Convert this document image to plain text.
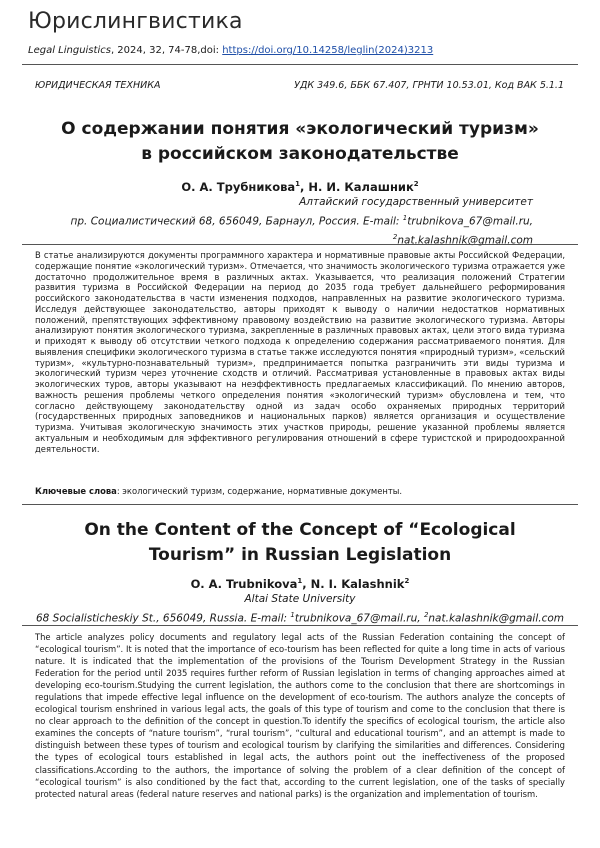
Юрислингвистика
Legal Linguistics, 2024, 32, 74-78,doi: https://doi.org/10.14258/leglin(2024)3213
ЮРИДИЧЕСКАЯ ТЕХНИКА	УДК 349.6, ББК 67.407, ГРНТИ 10.53.01, Код ВАК 5.1.1
О содержании понятия «экологический туризм» в российском законодательстве
О. А. Трубникова$^1$, Н. И. Калашник$^2$
Алтайский государственный университет
пр. Социалистический 68, 656049, Барнаул, Россия. E-mail: $^1$trubnikova_67@mail.ru,
$^2$nat.kalashnik@gmail.com

В статье анализируются документы программного характера и нормативные правовые акты Российской Федерации, содержащие понятие «экологический туризм». Отмечается, что значимость экологического туризма отражается уже достаточно продолжительное время в различных актах. Указывается, что реализация положений Стратегии развития туризма в Российской Федерации на период до 2035 года требует дальнейшего реформирования российского законодательства в части изменения подходов, направленных на развитие экологического туризма. Исследуя действующее законодательство, авторы приходят к выводу о наличии недостатков нормативных положений, препятствующих эффективному правовому воздействию на развитие экологического туризма. Авторы анализируют понятия экологического туризма, закрепленные в различных правовых актах, цели этого вида туризма и приходят к выводу об отсутствии четкого подхода к определению содержания рассматриваемого понятия. Для выявления специфики экологического туризма в статье также исследуются понятия «природный туризм», «сельский туризм», «культурно-познавательный туризм», предпринимается попытка разграничить эти виды туризма и экологический туризм через уточнение сходств и отличий. Рассматривая установленные в правовых актах виды экологических туров, авторы указывают на неэффективность предлагаемых классификаций. По мнению авторов, важность решения проблемы четкого определения понятия «экологический туризм» обусловлена и тем, что согласно действующему законодательству одной из задач особо охраняемых природных территорий (государственных природных заповедников и национальных парков) является организация и осуществление туризма. Учитывая экологическую значимость этих участков природы, решение указанной проблемы является актуальным и необходимым для эффективного регулирования отношений в сфере туристской и природоохранной деятельности.

Ключевые слова: экологический туризм, содержание, нормативные документы.
On the Content of the Concept of “Ecological Tourism” in Russian Legislation
O. A. Trubnikova$^1$, N. I. Kalashnik$^2$
Altai State University
68 Socialisticheskiy St., 656049, Russia. E-mail: $^1$trubnikova_67@mail.ru, $^2$nat.kalashnik@gmail.com

The article analyzes policy documents and regulatory legal acts of the Russian Federation containing the concept of “ecological tourism”. It is noted that the importance of eco-tourism has been reflected for quite a long time in acts of various nature. It is indicated that the implementation of the provisions of the Tourism Development Strategy in the Russian Federation for the period until 2035 requires further reform of Russian legislation in terms of changing approaches aimed at developing eco-tourism.Studying the current legislation, the authors come to the conclusion that there are shortcomings in regulations that impede effective legal influence on the development of eco-tourism. The authors analyze the concepts of ecological tourism enshrined in various legal acts, the goals of this type of tourism and come to the conclusion that there is no clear approach to the definition of the concept in question.To identify the specifics of ecological tourism, the article also examines the concepts of “nature tourism”, “rural tourism”, “cultural and educational tourism”, and an attempt is made to distinguish between these types of tourism and ecological tourism by clarifying the similarities and differences. Considering the types of ecological tours established in legal acts, the authors point out the ineffectiveness of the proposed classifications.According to the authors, the importance of solving the problem of a clear definition of the concept of “ecological tourism” is also conditioned by the fact that, according to the current legislation, one of the tasks of specially protected natural areas (federal nature reserves and national parks) is the organization and implementation of tourism.
